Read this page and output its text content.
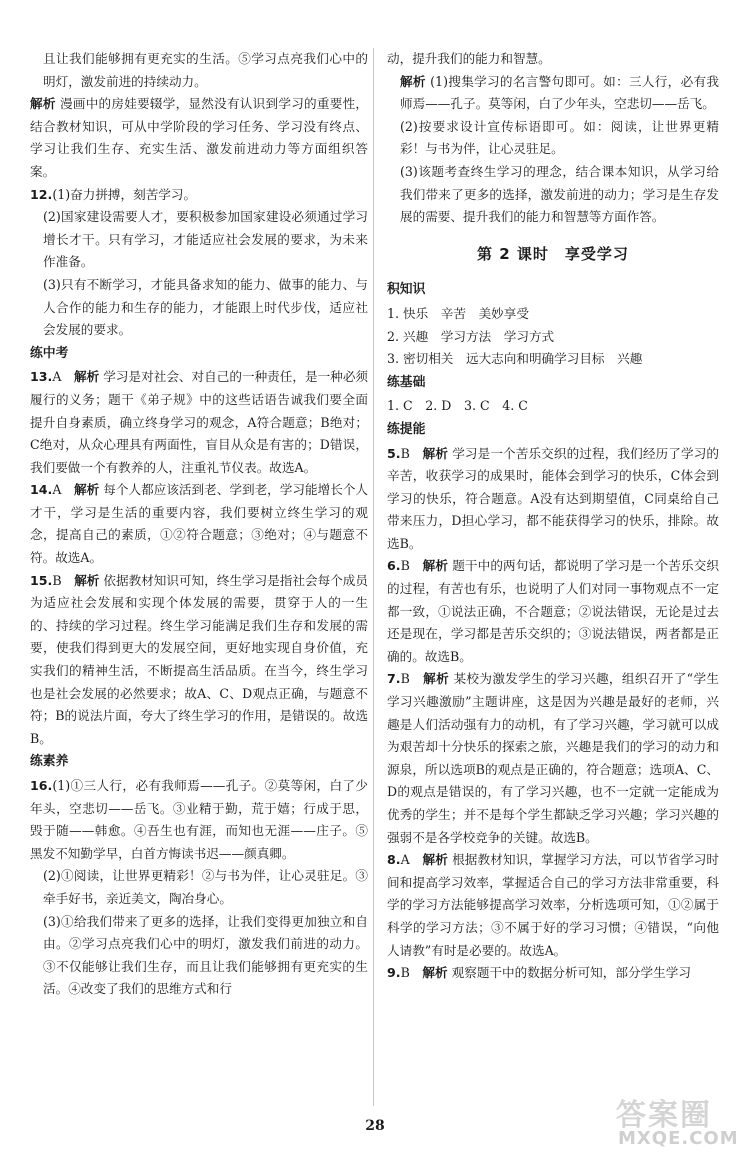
且让我们能够拥有更充实的生活。⑤学习点亮我们心中的明灯，激发前进的持续动力。

解析 漫画中的房娃要辍学，显然没有认识到学习的重要性，结合教材知识，可从中学阶段的学习任务、学习没有终点、学习让我们生存、充实生活、激发前进动力等方面组织答案。

12.(1)奋力拼搏，刻苦学习。

(2)国家建设需要人才，要积极参加国家建设必须通过学习增长才干。只有学习，才能适应社会发展的要求，为未来作准备。

(3)只有不断学习，才能具备求知的能力、做事的能力、与人合作的能力和生存的能力，才能跟上时代步伐，适应社会发展的要求。

练中考

13.A　 解析 学习是对社会、对自己的一种责任，是一种必须履行的义务；题干《弟子规》中的这些话语告诚我们要全面提升自身素质，确立终身学习的观念，A符合题意；B绝对；C绝对，从众心理具有两面性，盲目从众是有害的；D错误，我们要做一个有教养的人，注重礼节仪表。故选A。

14.A　 解析 每个人都应该活到老、学到老，学习能增长个人才干，学习是生活的重要内容，我们要树立终生学习的观念，提高自己的素质，①②符合题意；③绝对；④与题意不符。故选A。

15.B　 解析 依据教材知识可知，终生学习是指社会每个成员为适应社会发展和实现个体发展的需要，贯穿于人的一生的、持续的学习过程。终生学习能满足我们生存和发展的需要，使我们得到更大的发展空间，更好地实现自身价值，充实我们的精神生活，不断提高生活品质。在当今，终生学习也是社会发展的必然要求；故A、C、D观点正确，与题意不符；B的说法片面，夸大了终生学习的作用，是错误的。故选B。

练素养

16.(1)①三人行，必有我师焉——孔子。②莫等闲，白了少年头，空悲切——岳飞。③业精于勤，荒于嬉；行成于思，毁于随——韩愈。④吾生也有涯，而知也无涯——庄子。⑤黑发不知勤学早，白首方悔读书迟——颜真卿。

(2)①阅读，让世界更精彩！②与书为伴，让心灵驻足。③牵手好书，亲近美文，陶冶身心。

(3)①给我们带来了更多的选择，让我们变得更加独立和自由。②学习点亮我们心中的明灯，激发我们前进的动力。③不仅能够让我们生存，而且让我们能够拥有更充实的生活。④改变了我们的思维方式和行

动，提升我们的能力和智慧。

解析 (1)搜集学习的名言警句即可。如：三人行，必有我师焉——孔子。莫等闲，白了少年头，空悲切——岳飞。

(2)按要求设计宣传标语即可。如：阅读，让世界更精彩！与书为伴，让心灵驻足。

(3)该题考查终生学习的理念，结合课本知识，从学习给我们带来了更多的选择，激发前进的动力；学习是生存发展的需要、提升我们的能力和智慧等方面作答。

第 2 课时　享受学习

积知识

1. 快乐　辛苦　美妙享受

2. 兴趣　学习方法　学习方式

3. 密切相关　远大志向和明确学习目标　兴趣

练基础

1. C　2. D　3. C　4. C

练提能

5.B　 解析 学习是一个苦乐交织的过程，我们经历了学习的辛苦，收获学习的成果时，能体会到学习的快乐，C体会到学习的快乐，符合题意。A没有达到期望值，C同桌给自己带来压力，D担心学习，都不能获得学习的快乐，排除。故选B。

6.B　 解析 题干中的两句话，都说明了学习是一个苦乐交织的过程，有苦也有乐，也说明了人们对同一事物观点不一定都一致，①说法正确，不合题意；②说法错误，无论是过去还是现在，学习都是苦乐交织的；③说法错误，两者都是正确的。故选B。

7.B　 解析 某校为激发学生的学习兴趣，组织召开了“学生学习兴趣激励”主题讲座，这是因为兴趣是最好的老师，兴趣是人们活动强有力的动机，有了学习兴趣，学习就可以成为艰苦却十分快乐的探索之旅，兴趣是我们的学习的动力和源泉，所以选项B的观点是正确的，符合题意；选项A、C、D的观点是错误的，有了学习兴趣，也不一定就一定能成为优秀的学生；并不是每个学生都缺乏学习兴趣；学习兴趣的强弱不是各学校竞争的关键。故选B。

8.A　 解析 根据教材知识，掌握学习方法，可以节省学习时间和提高学习效率，掌握适合自己的学习方法非常重要，科学的学习方法能够提高学习效率，分析选项可知，①②属于科学的学习方法；③不属于好的学习习惯；④错误，“向他人请教”有时是必要的。故选A。

9.B　 解析 观察题干中的数据分析可知，部分学生学习

28	答案圈
MXQE.COM
